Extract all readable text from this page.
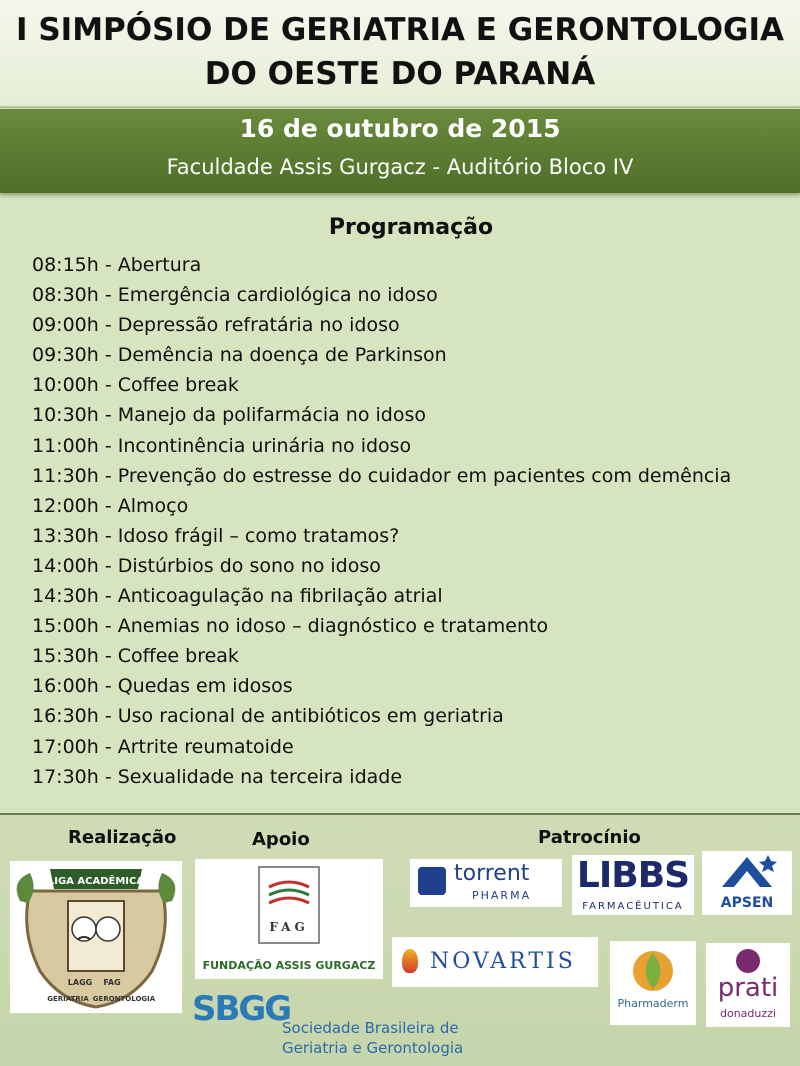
I SIMPÓSIO DE GERIATRIA E GERONTOLOGIA
DO OESTE DO PARANÁ
16 de outubro de 2015
Faculdade Assis Gurgacz - Auditório Bloco IV
Programação
08:15h - Abertura
08:30h - Emergência cardiológica no idoso
09:00h - Depressão refratária no idoso
09:30h - Demência na doença de Parkinson
10:00h - Coffee break
10:30h - Manejo da polifarmácia no idoso
11:00h - Incontinência urinária no idoso
11:30h - Prevenção do estresse do cuidador em pacientes com demência
12:00h - Almoço
13:30h - Idoso frágil – como tratamos?
14:00h - Distúrbios do sono no idoso
14:30h - Anticoagulação na fibrilação atrial
15:00h - Anemias no idoso – diagnóstico e tratamento
15:30h - Coffee break
16:00h - Quedas em idosos
16:30h - Uso racional de antibióticos em geriatria
17:00h - Artrite reumatoide
17:30h - Sexualidade na terceira idade
Realização	Apoio	Patrocínio
LIGA ACADÊMICA
LAGG FAG
GERIATRIA GERONTOLOGIA
FAG
FUNDAÇÃO ASSIS GURGACZ
SBGG
Sociedade Brasileira de
Geriatria e Gerontologia
torrent
PHARMA LIBBS
FARMACÊUTICA	APSEN
NOVARTIS
Pharmaderm
prati
donaduzzi
